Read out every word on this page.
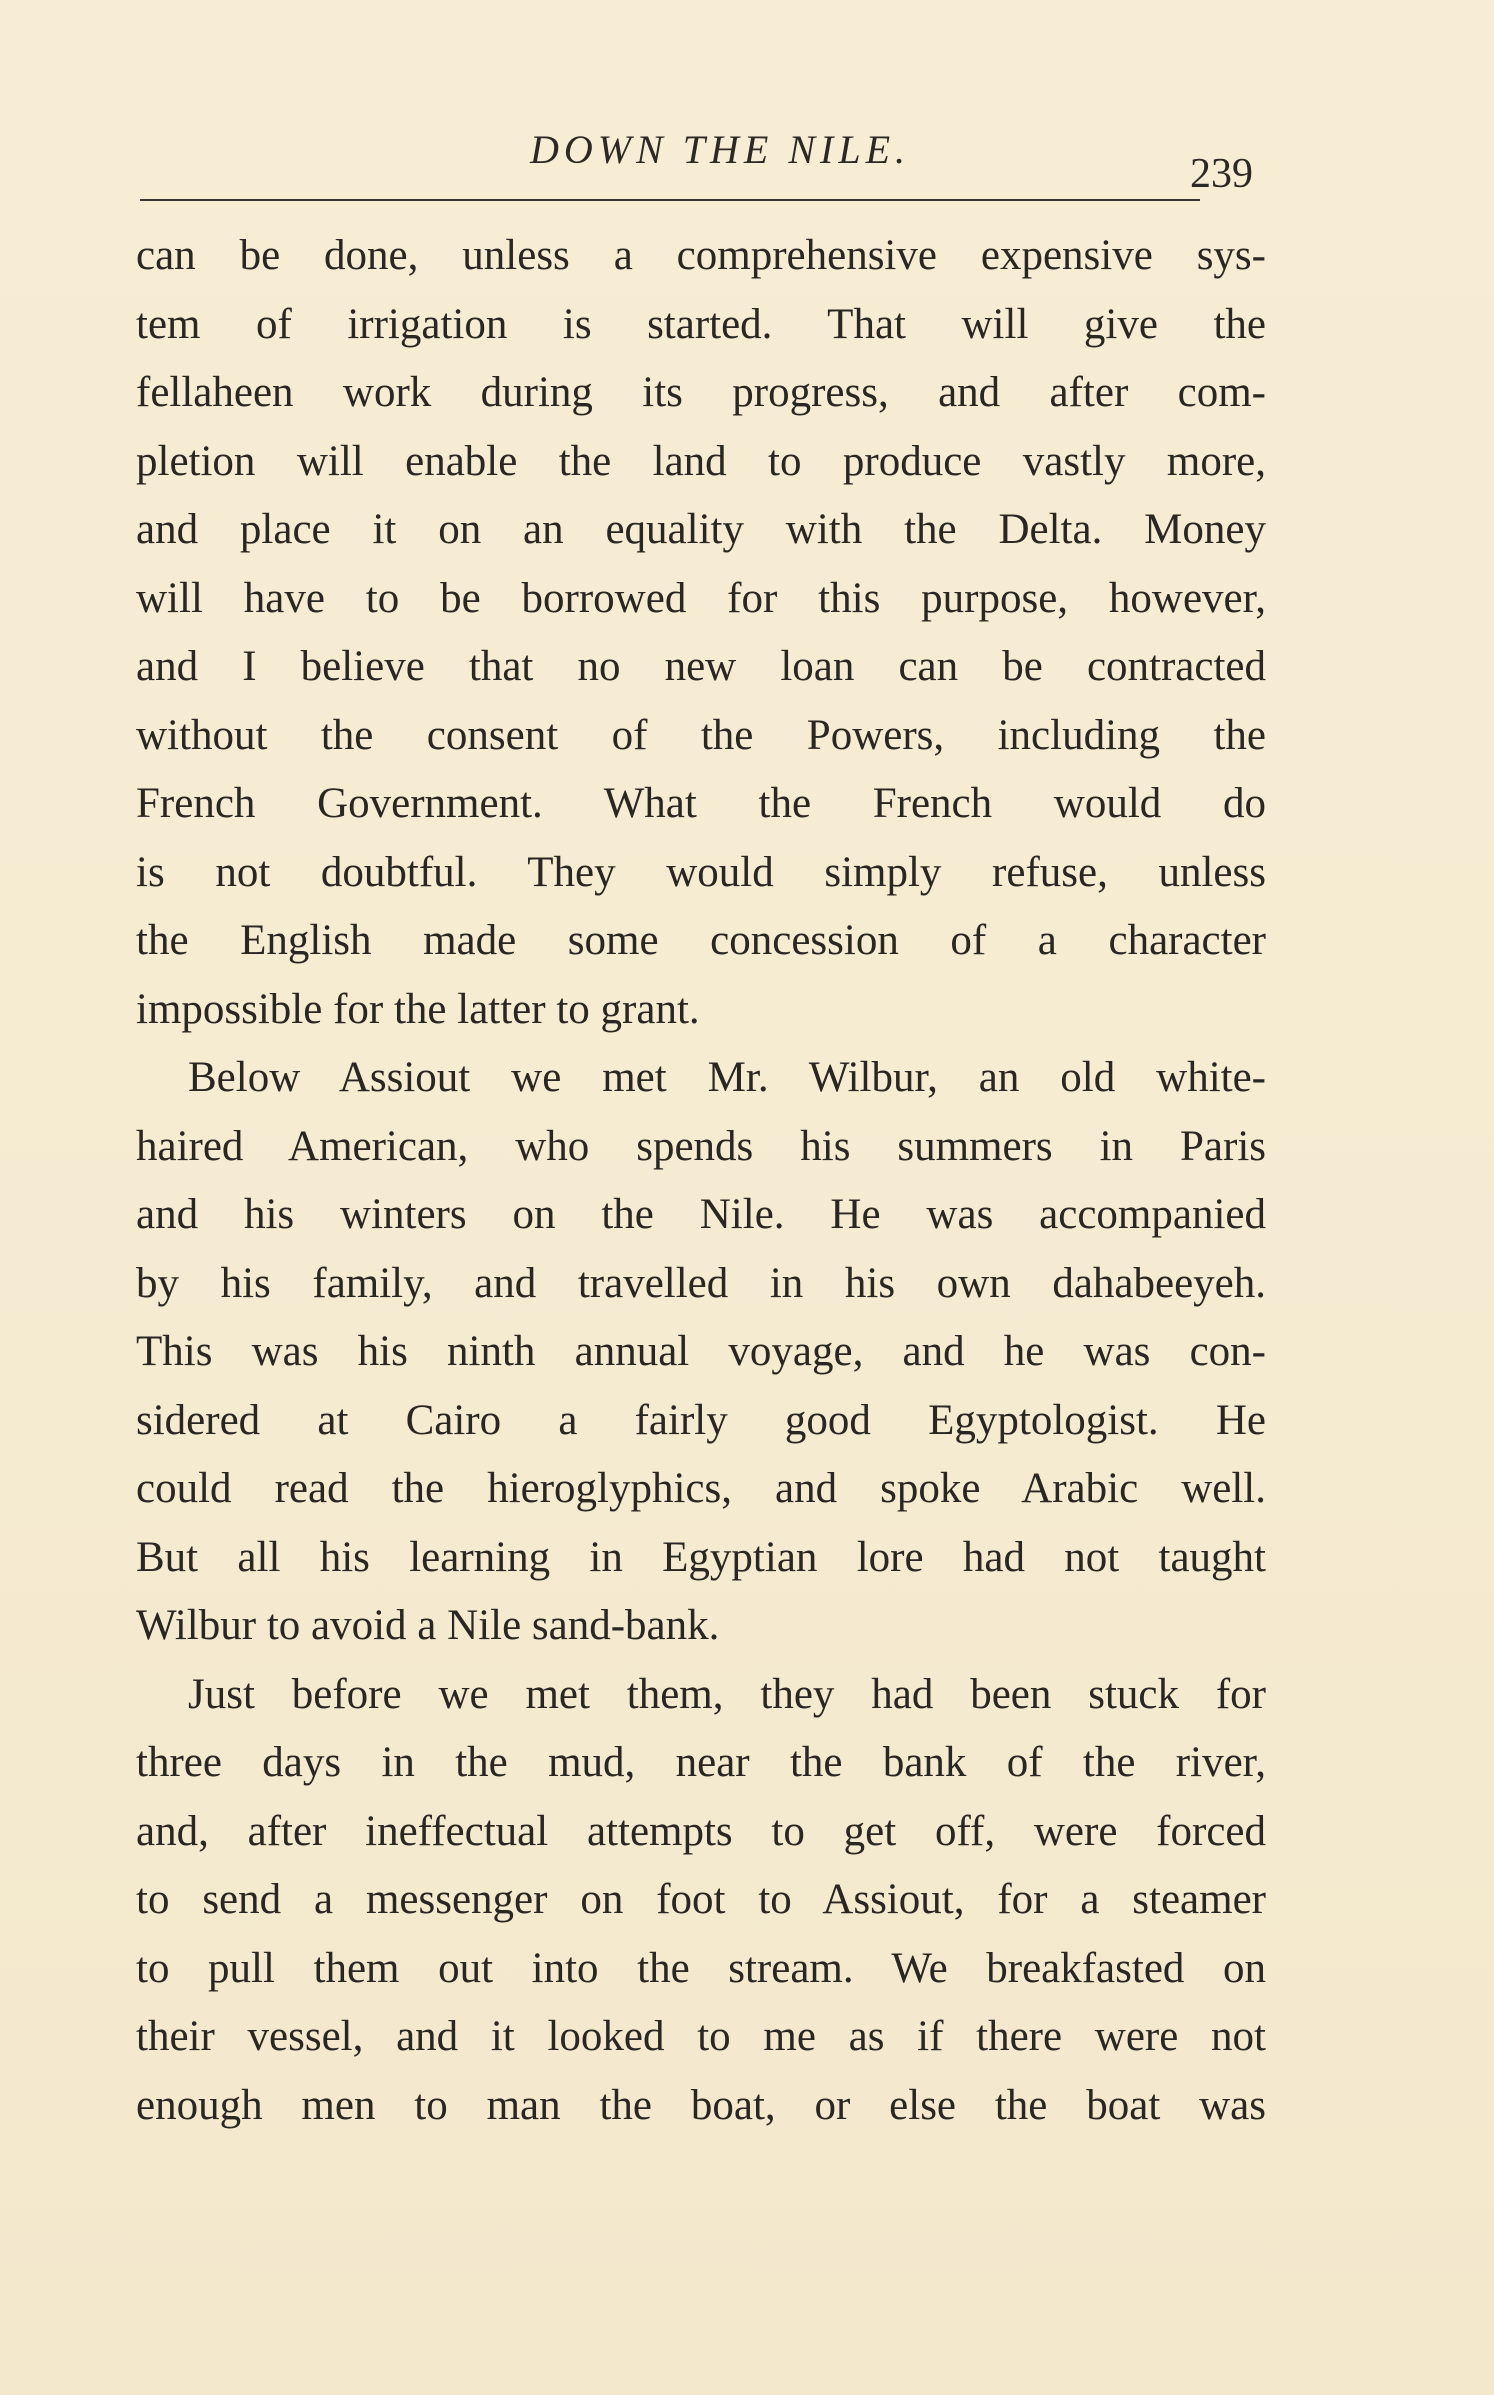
DOWN THE NILE.
239
can be done, unless a comprehensive expensive sys-
tem of irrigation is started. That will give the
fellaheen work during its progress, and after com-
pletion will enable the land to produce vastly more,
and place it on an equality with the Delta. Money
will have to be borrowed for this purpose, however,
and I believe that no new loan can be contracted
without the consent of the Powers, including the
French Government. What the French would do
is not doubtful. They would simply refuse, unless
the English made some concession of a character
impossible for the latter to grant.
Below Assiout we met Mr. Wilbur, an old white-
haired American, who spends his summers in Paris
and his winters on the Nile. He was accompanied
by his family, and travelled in his own dahabeeyeh.
This was his ninth annual voyage, and he was con-
sidered at Cairo a fairly good Egyptologist. He
could read the hieroglyphics, and spoke Arabic well.
But all his learning in Egyptian lore had not taught
Wilbur to avoid a Nile sand-bank.
Just before we met them, they had been stuck for
three days in the mud, near the bank of the river,
and, after ineffectual attempts to get off, were forced
to send a messenger on foot to Assiout, for a steamer
to pull them out into the stream. We breakfasted on
their vessel, and it looked to me as if there were not
enough men to man the boat, or else the boat was
